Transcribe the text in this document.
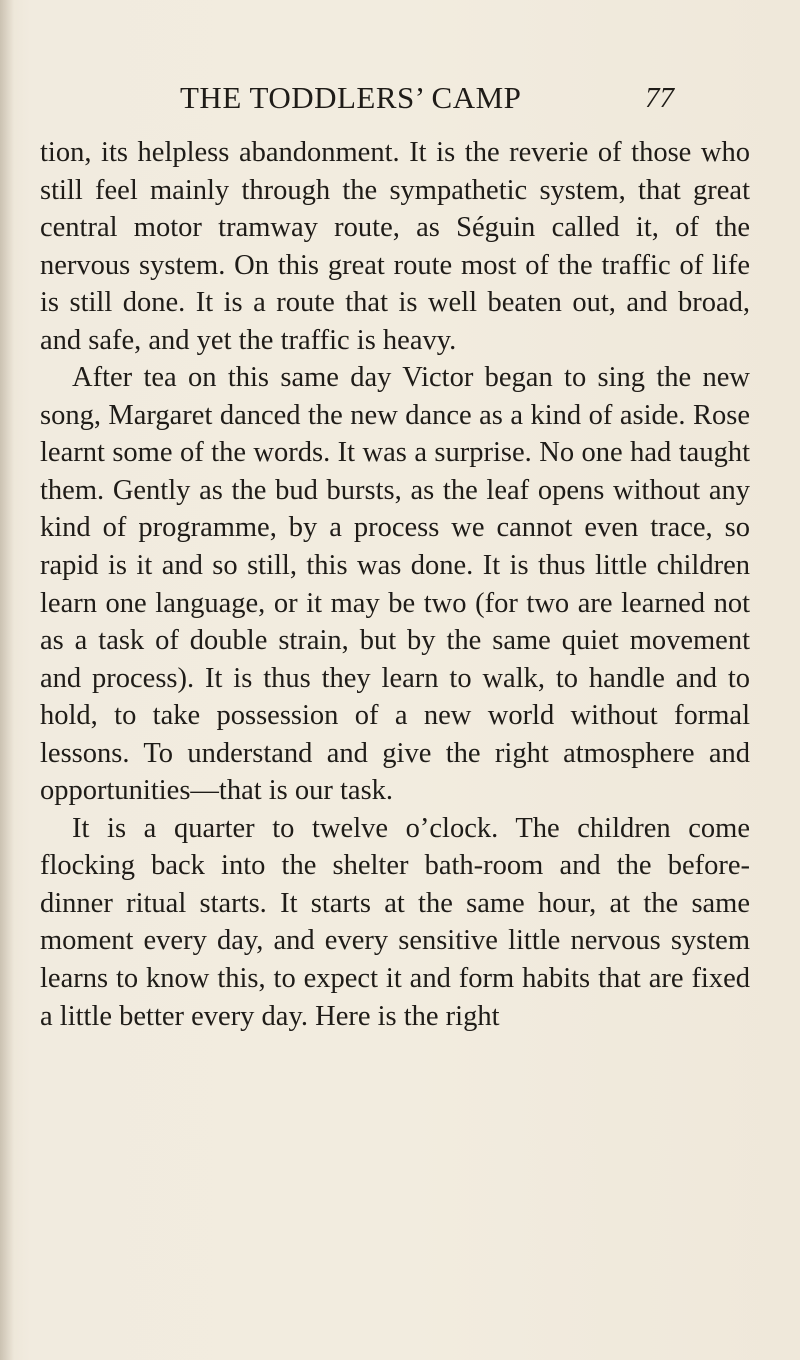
THE TODDLERS’ CAMP	77

tion, its helpless abandonment. It is the reverie of those who still feel mainly through the sympathetic system, that great central motor tramway route, as Séguin called it, of the nervous system. On this great route most of the traffic of life is still done. It is a route that is well beaten out, and broad, and safe, and yet the traffic is heavy.

After tea on this same day Victor began to sing the new song, Margaret danced the new dance as a kind of aside. Rose learnt some of the words. It was a surprise. No one had taught them. Gently as the bud bursts, as the leaf opens without any kind of programme, by a process we cannot even trace, so rapid is it and so still, this was done. It is thus little children learn one language, or it may be two (for two are learned not as a task of double strain, but by the same quiet movement and process). It is thus they learn to walk, to handle and to hold, to take possession of a new world without formal lessons. To understand and give the right atmosphere and opportunities—that is our task.

It is a quarter to twelve o’clock. The children come flocking back into the shelter bath-room and the before-dinner ritual starts. It starts at the same hour, at the same moment every day, and every sensitive little nervous system learns to know this, to expect it and form habits that are fixed a little better every day. Here is the right
